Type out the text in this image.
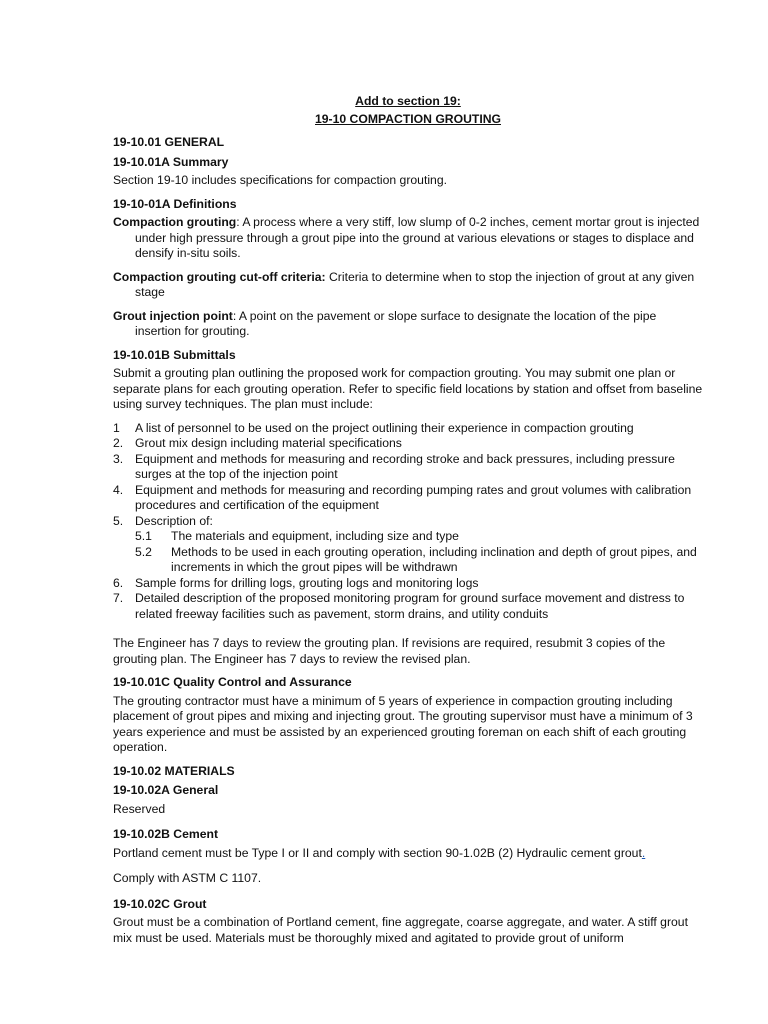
Add to section 19:

19-10 COMPACTION GROUTING

19-10.01 GENERAL

19-10.01A Summary

Section 19-10 includes specifications for compaction grouting.

19-10-01A Definitions

Compaction grouting: A process where a very stiff, low slump of 0-2 inches, cement mortar grout is injected under high pressure through a grout pipe into the ground at various elevations or stages to displace and densify in-situ soils.

Compaction grouting cut-off criteria: Criteria to determine when to stop the injection of grout at any given stage

Grout injection point: A point on the pavement or slope surface to designate the location of the pipe insertion for grouting.

19-10.01B Submittals

Submit a grouting plan outlining the proposed work for compaction grouting. You may submit one plan or separate plans for each grouting operation. Refer to specific field locations by station and offset from baseline using survey techniques. The plan must include:

1 A list of personnel to be used on the project outlining their experience in compaction grouting
2. Grout mix design including material specifications
3. Equipment and methods for measuring and recording stroke and back pressures, including pressure surges at the top of the injection point
4. Equipment and methods for measuring and recording pumping rates and grout volumes with calibration procedures and certification of the equipment
5. Description of:
5.1 The materials and equipment, including size and type
5.2 Methods to be used in each grouting operation, including inclination and depth of grout pipes, and increments in which the grout pipes will be withdrawn
6. Sample forms for drilling logs, grouting logs and monitoring logs
7. Detailed description of the proposed monitoring program for ground surface movement and distress to related freeway facilities such as pavement, storm drains, and utility conduits

The Engineer has 7 days to review the grouting plan. If revisions are required, resubmit 3 copies of the grouting plan. The Engineer has 7 days to review the revised plan.

19-10.01C Quality Control and Assurance

The grouting contractor must have a minimum of 5 years of experience in compaction grouting including placement of grout pipes and mixing and injecting grout. The grouting supervisor must have a minimum of 3 years experience and must be assisted by an experienced grouting foreman on each shift of each grouting operation.

19-10.02 MATERIALS

19-10.02A General

Reserved

19-10.02B Cement

Portland cement must be Type I or II and comply with section 90-1.02B (2) Hydraulic cement grout.

Comply with ASTM C 1107.

19-10.02C Grout

Grout must be a combination of Portland cement, fine aggregate, coarse aggregate, and water. A stiff grout mix must be used. Materials must be thoroughly mixed and agitated to provide grout of uniform
